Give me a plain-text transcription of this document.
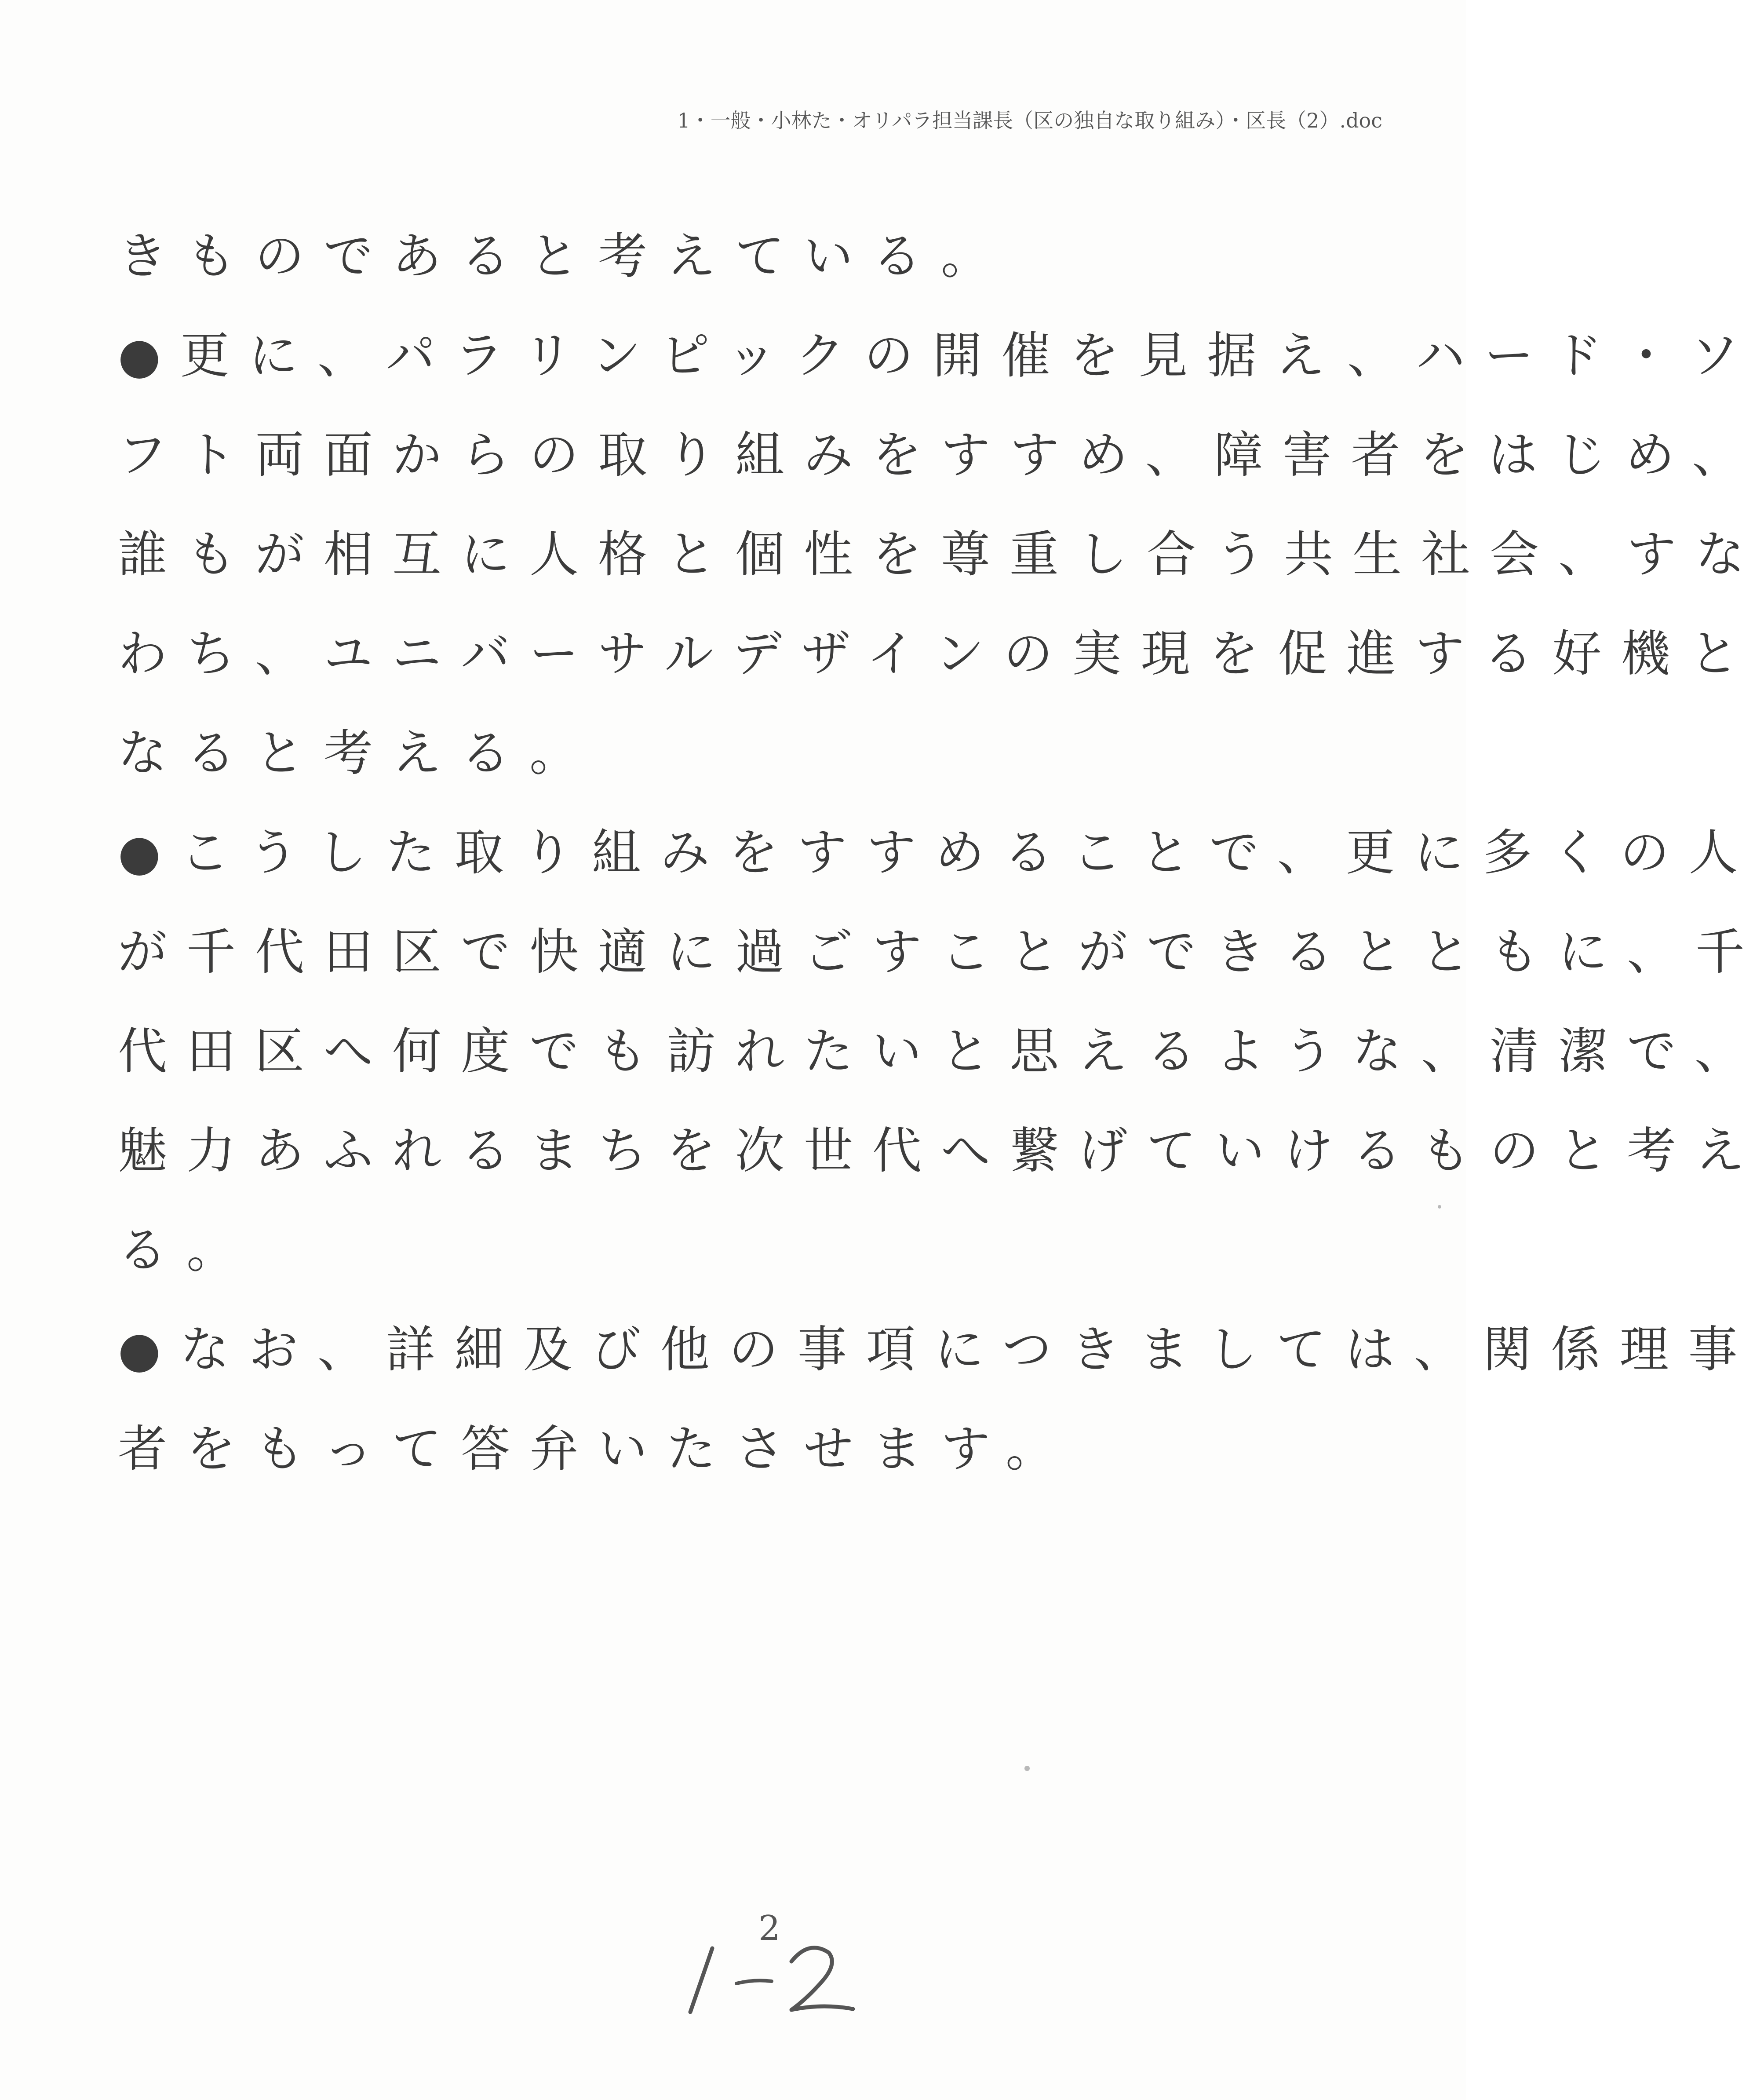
1・一般・小林た・オリパラ担当課長（区の独自な取り組み）・区長（2）.doc
きものであると考えている。
●更に、パラリンピックの開催を見据え、ハード・ソ
フト両面からの取り組みをすすめ、障害者をはじめ、
誰もが相互に人格と個性を尊重し合う共生社会、すな
わち、ユニバーサルデザインの実現を促進する好機と
なると考える。
●こうした取り組みをすすめることで、更に多くの人
が千代田区で快適に過ごすことができるとともに、千
代田区へ何度でも訪れたいと思えるような、清潔で、
魅力あふれるまちを次世代へ繋げていけるものと考え
る。
●なお、詳細及び他の事項につきましては、関係理事
者をもって答弁いたさせます。
2
